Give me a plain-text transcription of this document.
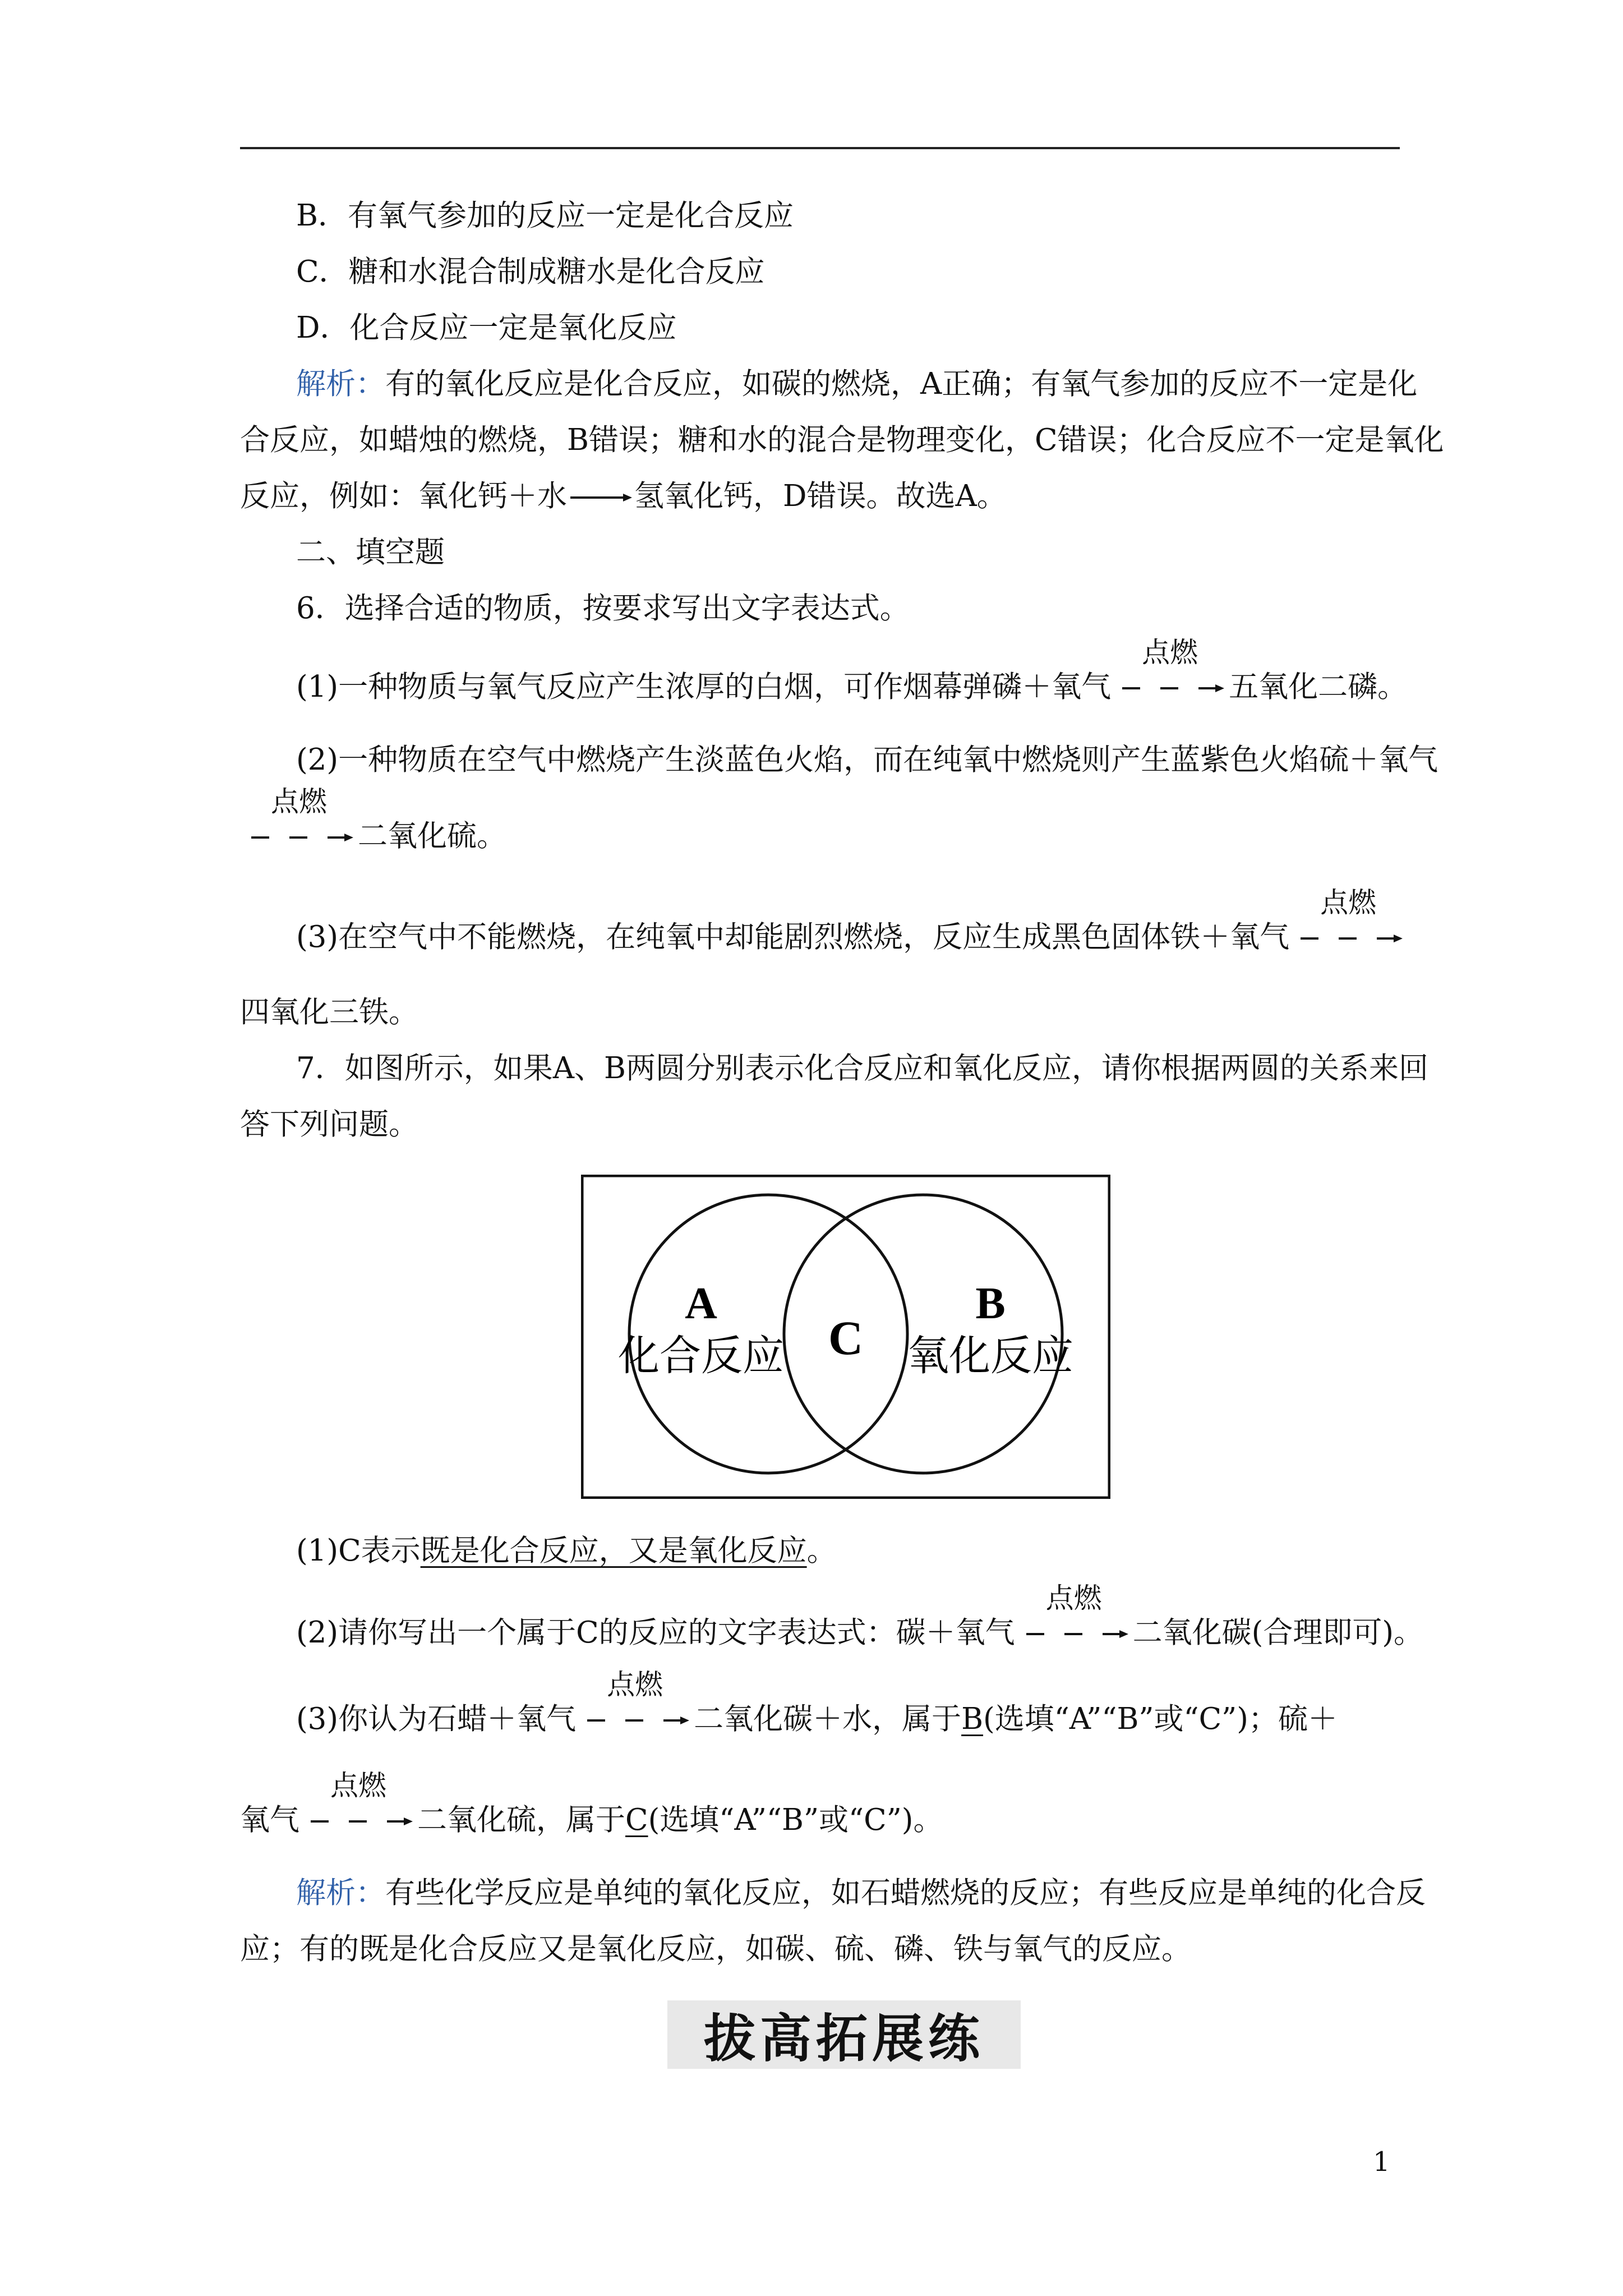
B．有氧气参加的反应一定是化合反应
C．糖和水混合制成糖水是化合反应
D．化合反应一定是氧化反应
解析：有的氧化反应是化合反应，如碳的燃烧，A正确；有氧气参加的反应不一定是化
合反应，如蜡烛的燃烧，B错误；糖和水的混合是物理变化，C错误；化合反应不一定是氧化
反应，例如：氧化钙＋水→氢氧化钙，D错误。故选A。
二、填空题
6．选择合适的物质，按要求写出文字表达式。
(1)一种物质与氧气反应产生浓厚的白烟，可作烟幕弹磷＋氧气
点燃
五氧化二磷。
(2)一种物质在空气中燃烧产生淡蓝色火焰，而在纯氧中燃烧则产生蓝紫色火焰硫＋氧气
点燃
二氧化硫。
(3)在空气中不能燃烧，在纯氧中却能剧烈燃烧，反应生成黑色固体铁＋氧气
点燃
四氧化三铁。
7．如图所示，如果A、B两圆分别表示化合反应和氧化反应，请你根据两圆的关系来回
答下列问题。
A
化合反应
B
氧化反应
C
(1)C表示既是化合反应，又是氧化反应。
(2)请你写出一个属于C的反应的文字表达式：碳＋氧气
点燃
二氧化碳(合理即可)。
(3)你认为石蜡＋氧气
点燃
二氧化碳＋水，属于B(选填“A”“B”或“C”)；硫＋
氧气
点燃
二氧化硫，属于C(选填“A”“B”或“C”)。
解析：有些化学反应是单纯的氧化反应，如石蜡燃烧的反应；有些反应是单纯的化合反
应；有的既是化合反应又是氧化反应，如碳、硫、磷、铁与氧气的反应。
拔高拓展练
1
